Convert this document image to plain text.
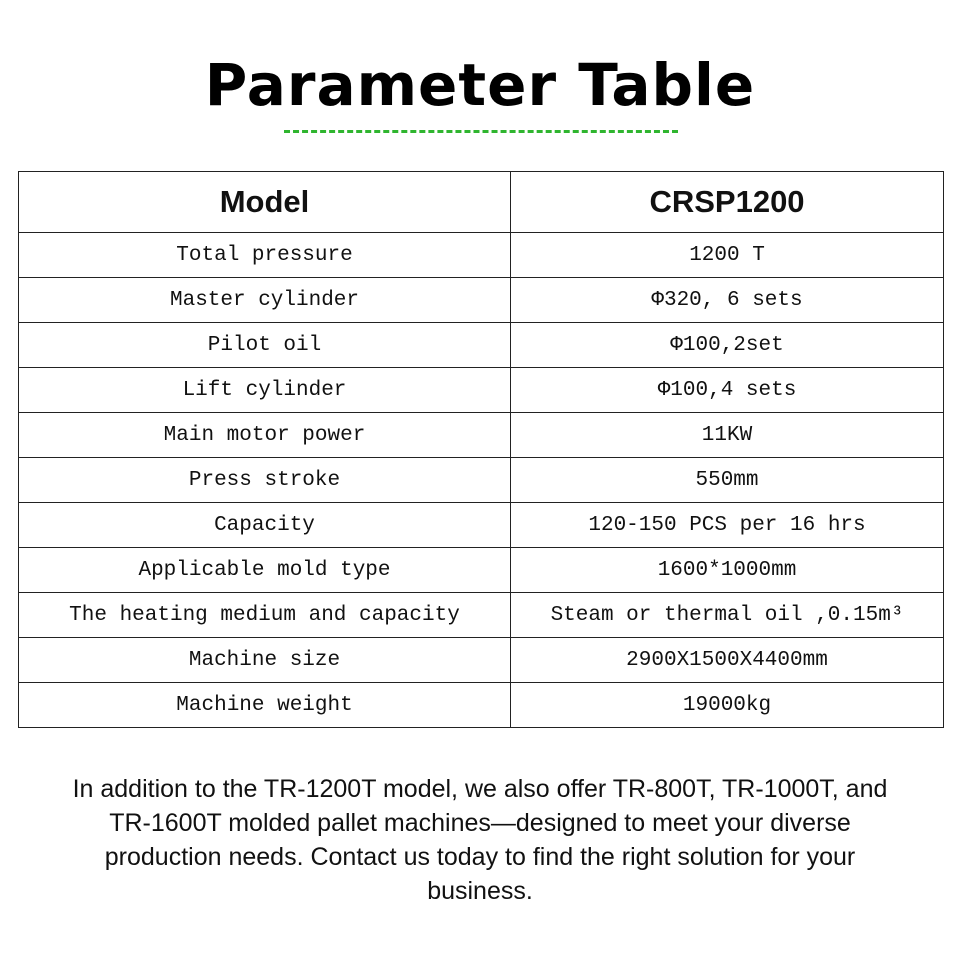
Parameter Table
Model	CRSP1200
Total pressure	1200 T
Master cylinder	Φ320, 6 sets
Pilot oil	Φ100,2set
Lift cylinder	Φ100,4 sets
Main motor power	11KW
Press stroke	550mm
Capacity	120-150 PCS per 16 hrs
Applicable mold type	1600*1000mm
The heating medium and capacity	Steam or thermal oil ,0.15m³
Machine size	2900X1500X4400mm
Machine weight	19000kg
In addition to the TR-1200T model, we also offer TR-800T, TR-1000T, and TR-1600T molded pallet machines—designed to meet your diverse production needs. Contact us today to find the right solution for your business.
